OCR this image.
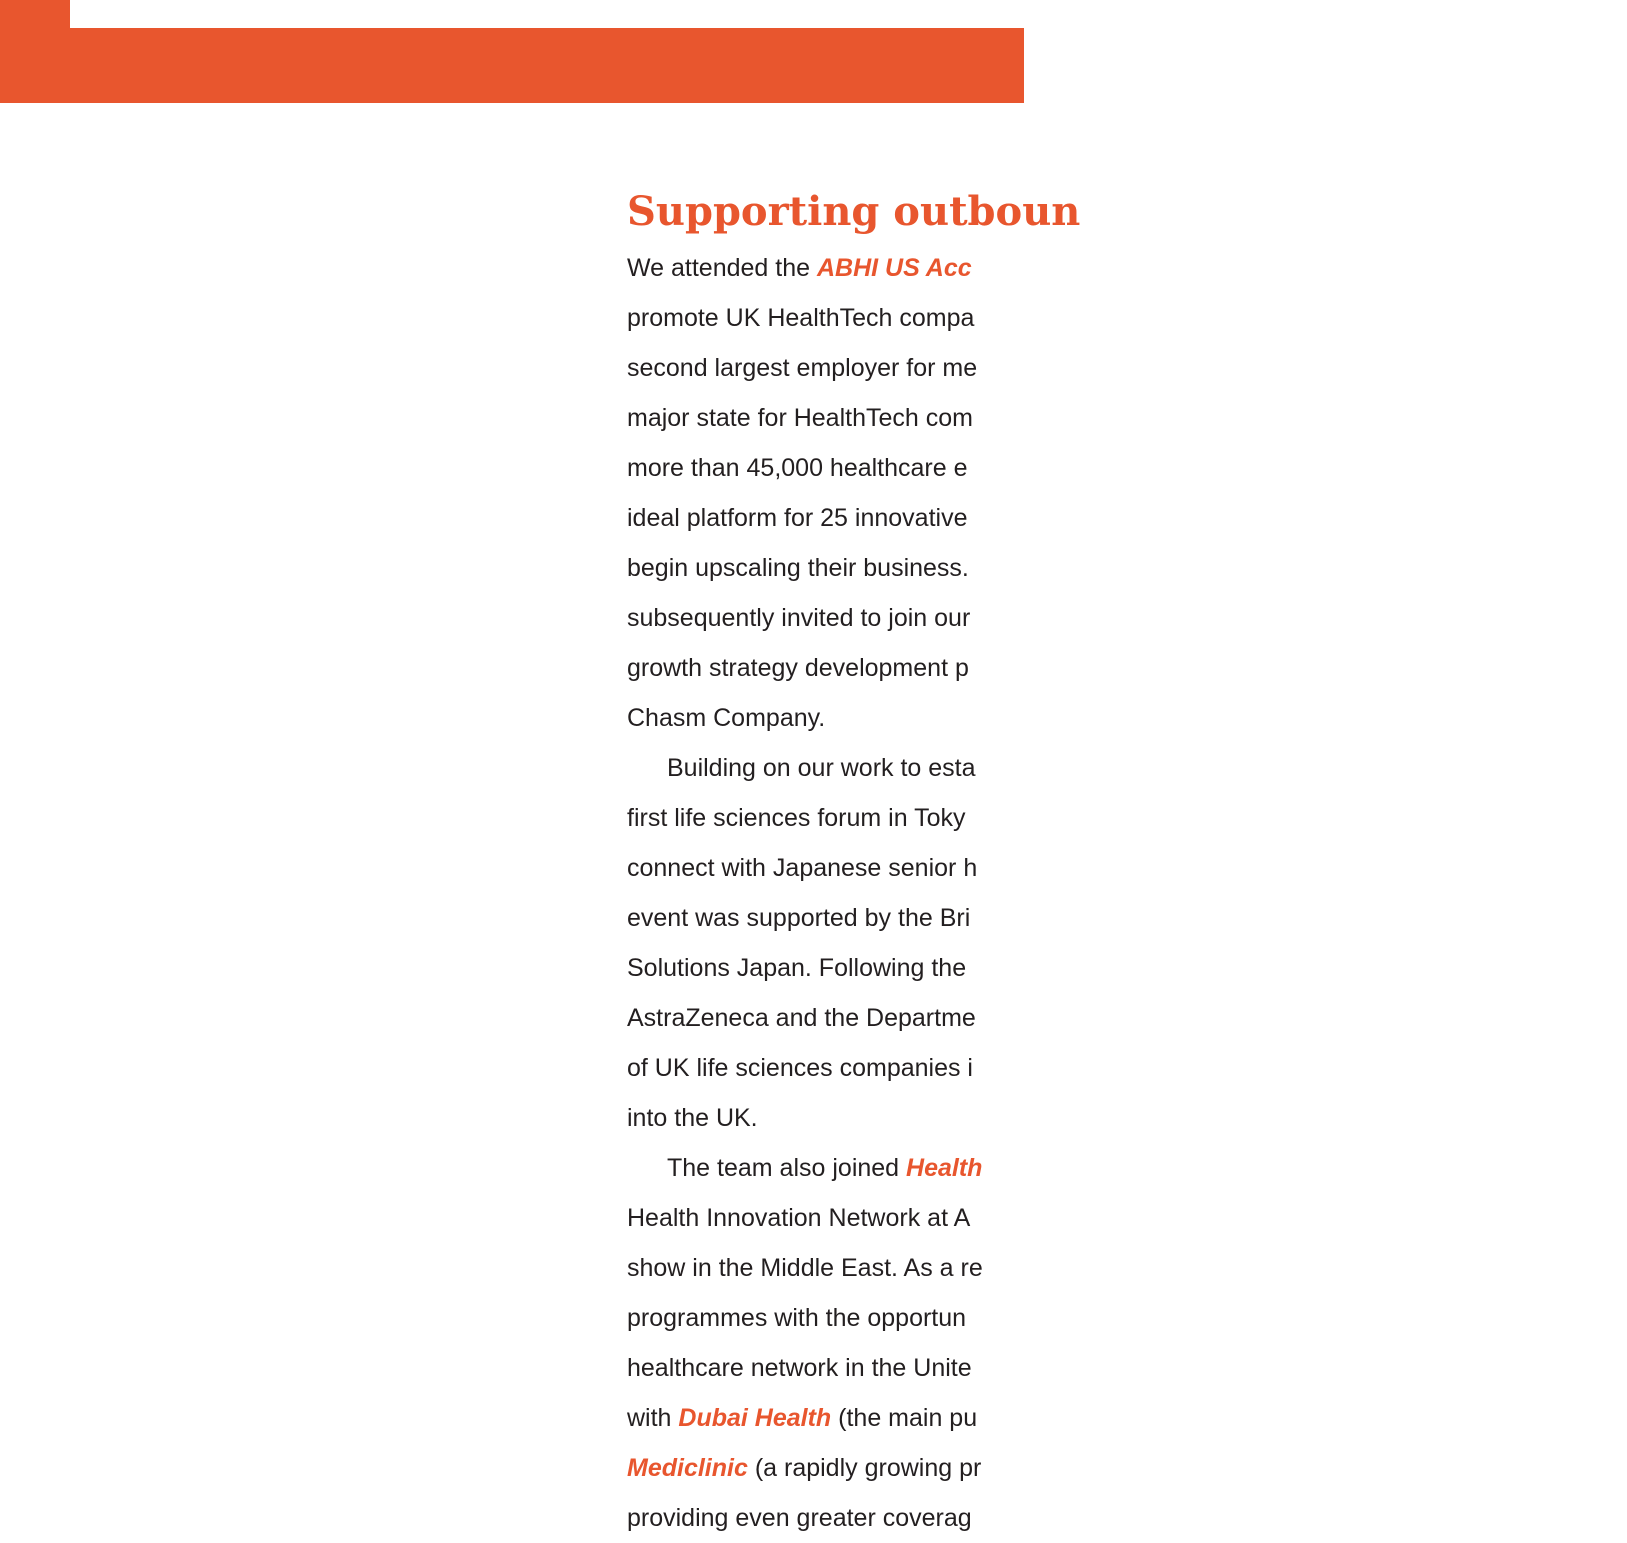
Supporting outboun
We attended the ABHI US Acc
promote UK HealthTech compa
second largest employer for me
major state for HealthTech com
more than 45,000 healthcare e
ideal platform for 25 innovative
begin upscaling their business.
subsequently invited to join our
growth strategy development p
Chasm Company.
Building on our work to esta
first life sciences forum in Toky
connect with Japanese senior h
event was supported by the Bri
Solutions Japan. Following the
AstraZeneca and the Departme
of UK life sciences companies i
into the UK.
The team also joined Health
Health Innovation Network at A
show in the Middle East. As a re
programmes with the opportun
healthcare network in the Unite
with Dubai Health (the main pu
Mediclinic (a rapidly growing pr
providing even greater coverag
